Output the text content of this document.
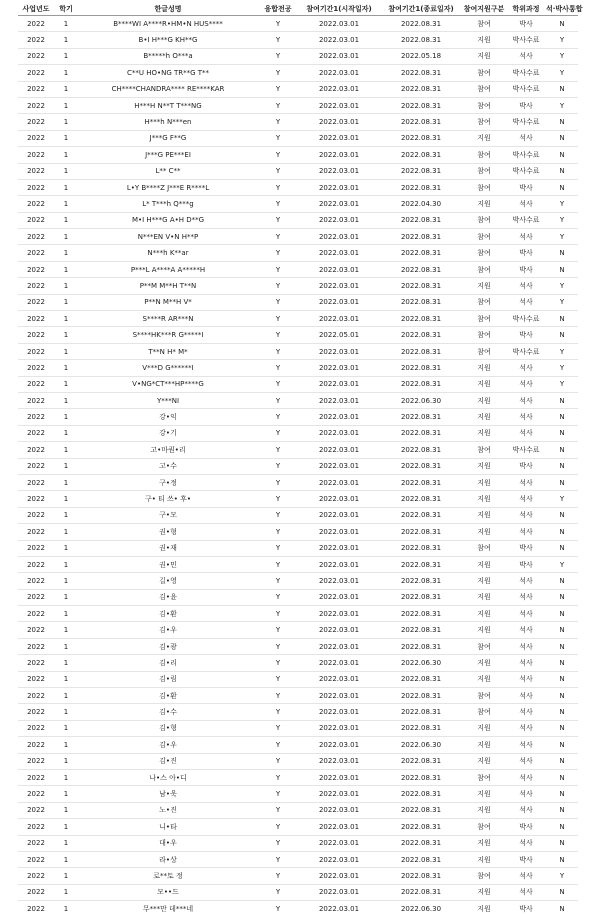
사업년도	학기	한글성명	융합전공	참여기간1(시작일자)	참여기간1(종료일자)	참여지원구분	학위과정	석·박사통합
2022	1	B****WI A****R•HM•N HUS****	Y	2022.03.01	2022.08.31	참여	박사	N
2022	1	B•I H***G KH**G	Y	2022.03.01	2022.08.31	지원	박사수료	Y
2022	1	B*****h O***a	Y	2022.03.01	2022.05.18	지원	석사	Y
2022	1	C**U HO•NG TR**G T**	Y	2022.03.01	2022.08.31	참여	박사수료	Y
2022	1	CH****CHANDRA**** RE****KAR	Y	2022.03.01	2022.08.31	참여	박사수료	N
2022	1	H***H N**T T***NG	Y	2022.03.01	2022.08.31	참여	박사	Y
2022	1	H***h N***en	Y	2022.03.01	2022.08.31	참여	박사수료	N
2022	1	J***G F**G	Y	2022.03.01	2022.08.31	지원	석사	N
2022	1	J***G PE***EI	Y	2022.03.01	2022.08.31	참여	박사수료	N
2022	1	L** C**	Y	2022.03.01	2022.08.31	참여	박사수료	N
2022	1	L•Y B****Z J***E R****L	Y	2022.03.01	2022.08.31	참여	박사	N
2022	1	L* T***h Q***g	Y	2022.03.01	2022.04.30	지원	석사	Y
2022	1	M•I H***G A•H D**G	Y	2022.03.01	2022.08.31	참여	박사수료	Y
2022	1	N***EN V•N H**P	Y	2022.03.01	2022.08.31	참여	석사	Y
2022	1	N***h K**ar	Y	2022.03.01	2022.08.31	참여	박사	N
2022	1	P***L A****A A*****H	Y	2022.03.01	2022.08.31	참여	박사	N
2022	1	P**M M**H T**N	Y	2022.03.01	2022.08.31	지원	석사	Y
2022	1	P**N M**H V*	Y	2022.03.01	2022.08.31	참여	석사	Y
2022	1	S****R AR***N	Y	2022.03.01	2022.08.31	참여	박사수료	N
2022	1	S****HK***R G*****I	Y	2022.05.01	2022.08.31	참여	박사	N
2022	1	T**N H* M*	Y	2022.03.01	2022.08.31	참여	박사수료	Y
2022	1	V***D G******I	Y	2022.03.01	2022.08.31	지원	석사	Y
2022	1	V•NG*CT***HP****G	Y	2022.03.01	2022.08.31	지원	석사	Y
2022	1	Y***NI	Y	2022.03.01	2022.06.30	지원	석사	N
2022	1	강•익	Y	2022.03.01	2022.08.31	지원	석사	N
2022	1	강•기	Y	2022.03.01	2022.08.31	지원	석사	N
2022	1	고•마퀀•리	Y	2022.03.01	2022.08.31	참여	박사수료	N
2022	1	고•수	Y	2022.03.01	2022.08.31	지원	박사	N
2022	1	구•정	Y	2022.03.01	2022.08.31	지원	석사	N
2022	1	구• 티 쓰• 후•	Y	2022.03.01	2022.08.31	지원	석사	Y
2022	1	구•모	Y	2022.03.01	2022.08.31	지원	석사	N
2022	1	권•형	Y	2022.03.01	2022.08.31	지원	석사	N
2022	1	권•재	Y	2022.03.01	2022.08.31	참여	박사	N
2022	1	권•민	Y	2022.03.01	2022.08.31	지원	박사	Y
2022	1	길•영	Y	2022.03.01	2022.08.31	지원	석사	N
2022	1	김•윤	Y	2022.03.01	2022.08.31	지원	석사	N
2022	1	김•환	Y	2022.03.01	2022.08.31	지원	석사	N
2022	1	김•우	Y	2022.03.01	2022.08.31	지원	석사	N
2022	1	김•광	Y	2022.03.01	2022.08.31	참여	석사	N
2022	1	김•리	Y	2022.03.01	2022.06.30	지원	석사	N
2022	1	김•림	Y	2022.03.01	2022.08.31	지원	석사	N
2022	1	김•환	Y	2022.03.01	2022.08.31	참여	석사	N
2022	1	김•수	Y	2022.03.01	2022.08.31	참여	석사	N
2022	1	김•형	Y	2022.03.01	2022.08.31	지원	석사	N
2022	1	김•우	Y	2022.03.01	2022.06.30	지원	석사	N
2022	1	김•진	Y	2022.03.01	2022.08.31	지원	석사	N
2022	1	나•스 아•디	Y	2022.03.01	2022.08.31	참여	석사	N
2022	1	남•욱	Y	2022.03.01	2022.08.31	지원	석사	N
2022	1	노•진	Y	2022.03.01	2022.08.31	지원	석사	N
2022	1	니•타	Y	2022.03.01	2022.08.31	참여	박사	N
2022	1	대•우	Y	2022.03.01	2022.08.31	지원	석사	N
2022	1	라•상	Y	2022.03.01	2022.08.31	지원	박사	N
2022	1	로**토 정	Y	2022.03.01	2022.08.31	참여	석사	Y
2022	1	모••드	Y	2022.03.01	2022.08.31	지원	석사	N
2022	1	무***만 데***네	Y	2022.03.01	2022.06.30	지원	박사	N
